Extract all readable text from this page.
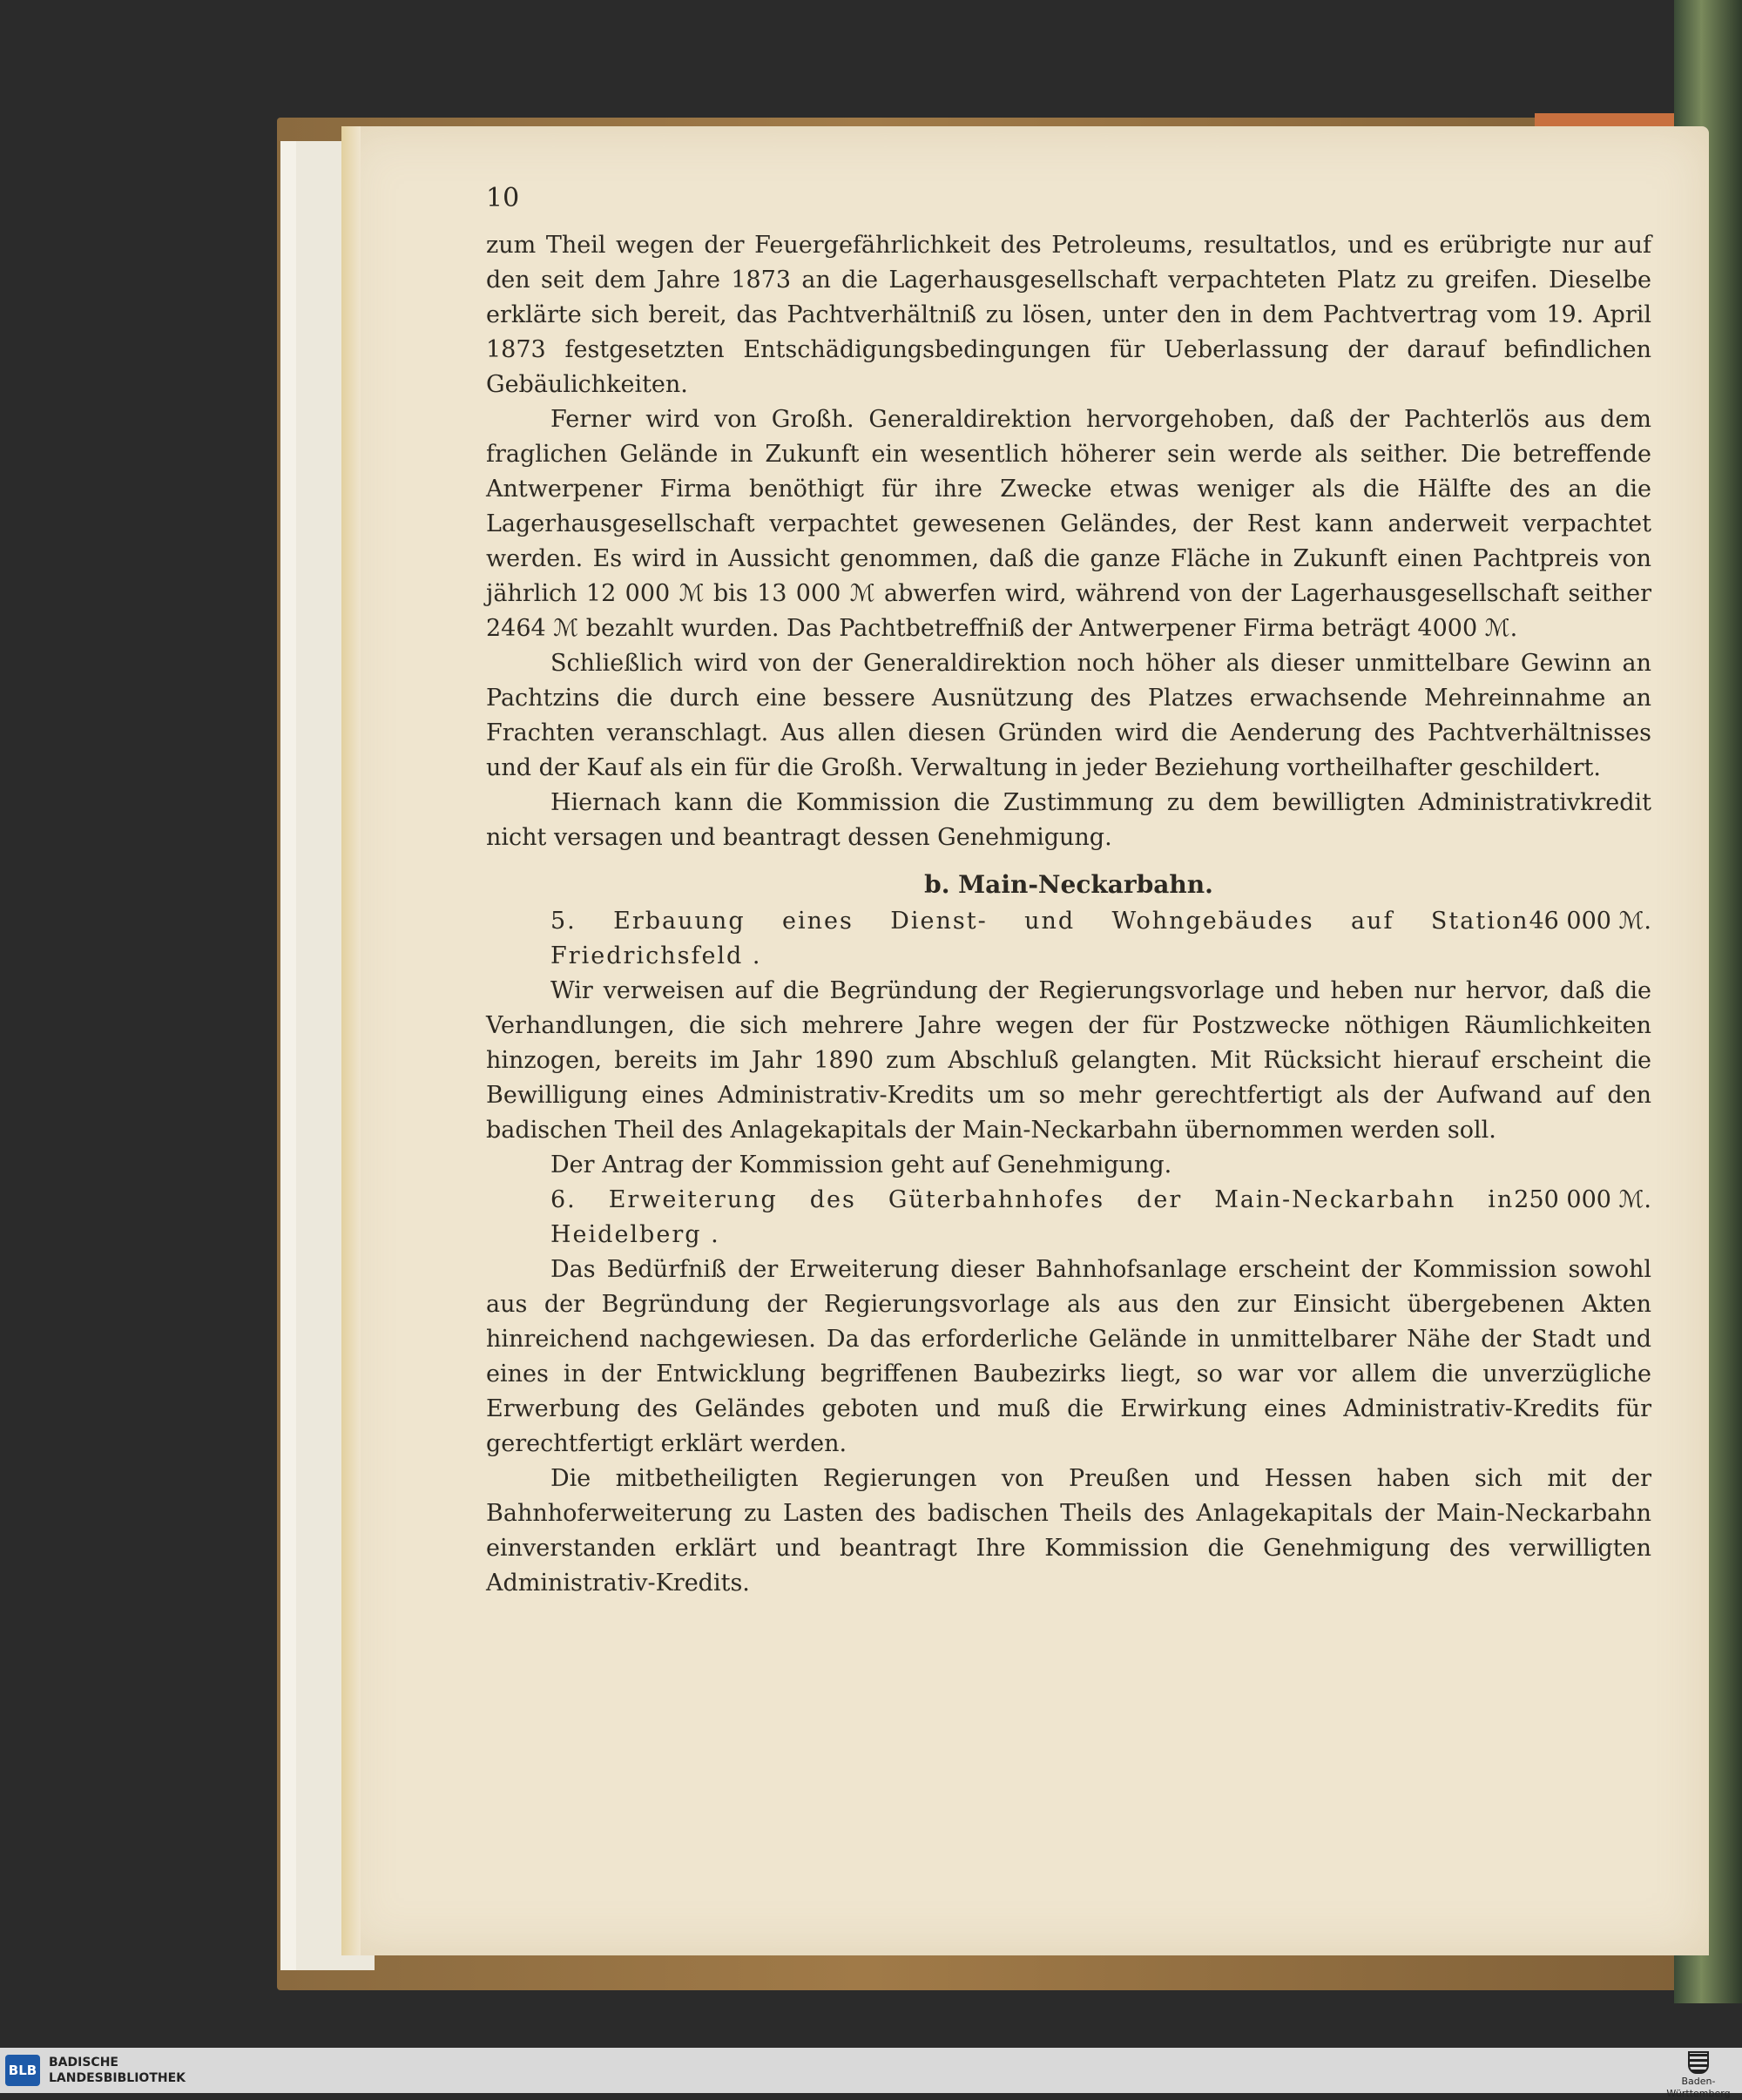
10

zum Theil wegen der Feuergefährlichkeit des Petroleums, resultatlos, und es erübrigte nur auf den seit dem Jahre 1873 an die Lagerhausgesellschaft verpachteten Platz zu greifen. Dieselbe erklärte sich bereit, das Pachtverhältniß zu lösen, unter den in dem Pachtvertrag vom 19. April 1873 festgesetzten Entschädigungsbedingungen für Ueberlassung der darauf befindlichen Gebäulichkeiten.

Ferner wird von Großh. Generaldirektion hervorgehoben, daß der Pachterlös aus dem fraglichen Gelände in Zukunft ein wesentlich höherer sein werde als seither. Die betreffende Antwerpener Firma benöthigt für ihre Zwecke etwas weniger als die Hälfte des an die Lagerhausgesellschaft verpachtet gewesenen Geländes, der Rest kann anderweit verpachtet werden. Es wird in Aussicht genommen, daß die ganze Fläche in Zukunft einen Pachtpreis von jährlich 12 000 ℳ bis 13 000 ℳ abwerfen wird, während von der Lagerhausgesellschaft seither 2464 ℳ bezahlt wurden. Das Pachtbetreffniß der Antwerpener Firma beträgt 4000 ℳ.

Schließlich wird von der Generaldirektion noch höher als dieser unmittelbare Gewinn an Pachtzins die durch eine bessere Ausnützung des Platzes erwachsende Mehreinnahme an Frachten veranschlagt. Aus allen diesen Gründen wird die Aenderung des Pachtverhältnisses und der Kauf als ein für die Großh. Verwaltung in jeder Beziehung vortheilhafter geschildert.

Hiernach kann die Kommission die Zustimmung zu dem bewilligten Administrativkredit nicht versagen und beantragt dessen Genehmigung.

b. Main-Neckarbahn.
5. Erbauung eines Dienst- und Wohngebäudes auf Station Friedrichsfeld .
46 000 ℳ.

Wir verweisen auf die Begründung der Regierungsvorlage und heben nur hervor, daß die Verhandlungen, die sich mehrere Jahre wegen der für Postzwecke nöthigen Räumlichkeiten hinzogen, bereits im Jahr 1890 zum Abschluß gelangten. Mit Rücksicht hierauf erscheint die Bewilligung eines Administrativ-Kredits um so mehr gerechtfertigt als der Aufwand auf den badischen Theil des Anlagekapitals der Main-Neckarbahn übernommen werden soll.

Der Antrag der Kommission geht auf Genehmigung.

6. Erweiterung des Güterbahnhofes der Main-Neckarbahn in Heidelberg .
250 000 ℳ.

Das Bedürfniß der Erweiterung dieser Bahnhofsanlage erscheint der Kommission sowohl aus der Begründung der Regierungsvorlage als aus den zur Einsicht übergebenen Akten hinreichend nachgewiesen. Da das erforderliche Gelände in unmittelbarer Nähe der Stadt und eines in der Entwicklung begriffenen Baubezirks liegt, so war vor allem die unverzügliche Erwerbung des Geländes geboten und muß die Erwirkung eines Administrativ-Kredits für gerechtfertigt erklärt werden.

Die mitbetheiligten Regierungen von Preußen und Hessen haben sich mit der Bahnhoferweiterung zu Lasten des badischen Theils des Anlagekapitals der Main-Neckarbahn einverstanden erklärt und beantragt Ihre Kommission die Genehmigung des verwilligten Administrativ-Kredits.

BLB BADISCHE
LANDESBIBLIOTHEK	Baden-Württemberg
